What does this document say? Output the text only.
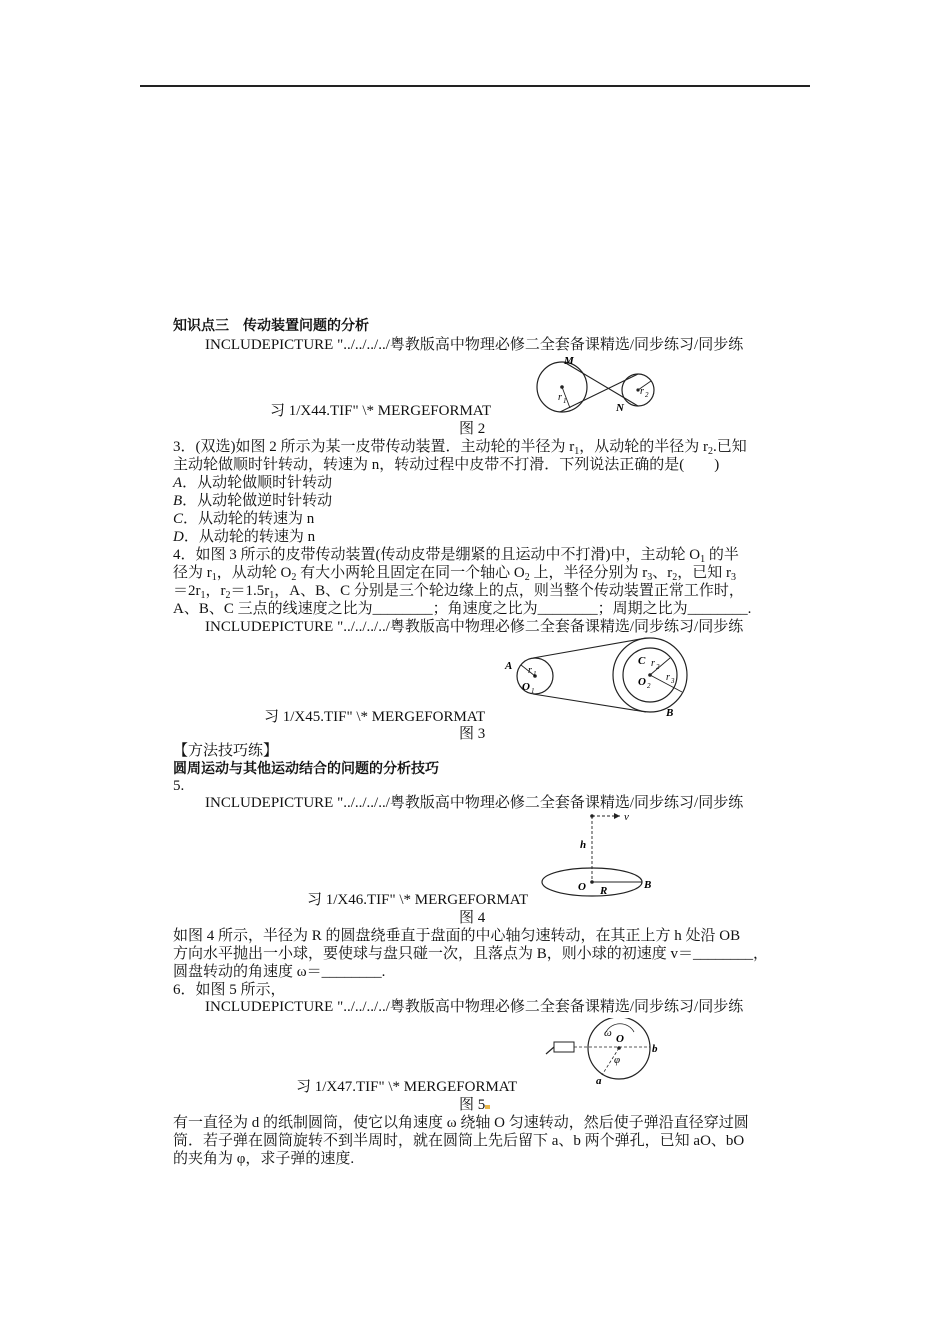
知识点三　传动装置问题的分析
INCLUDEPICTURE "../../../../粤教版高中物理必修二全套备课精选/同步练习/同步练
M
N
r 1
r 2
习 1/X44.TIF" \* MERGEFORMAT
图 2
3．(双选)如图 2 所示为某一皮带传动装置．主动轮的半径为 $r_1$，从动轮的半径为 $r_2$.已知
主动轮做顺时针转动，转速为 n，转动过程中皮带不打滑．下列说法正确的是(　　)
A．从动轮做顺时针转动
B．从动轮做逆时针转动
C．从动轮的转速为 n
D．从动轮的转速为 n
4．如图 3 所示的皮带传动装置(传动皮带是绷紧的且运动中不打滑)中，主动轮 $O_1$ 的半
径为 $r_1$，从动轮 $O_2$ 有大小两轮且固定在同一个轴心 $O_2$ 上，半径分别为 $r_3$、$r_2$，已知 $r_3$
$=2r_1$，$r_2=1.5r_1$，A、B、C 分别是三个轮边缘上的点，则当整个传动装置正常工作时，
A、B、C 三点的线速度之比为________；角速度之比为________；周期之比为________.
INCLUDEPICTURE "../../../../粤教版高中物理必修二全套备课精选/同步练习/同步练
A
B
C
r 1
O 1
r 2
r 3
O 2
习 1/X45.TIF" \* MERGEFORMAT
图 3
【方法技巧练】
圆周运动与其他运动结合的问题的分析技巧
5.
INCLUDEPICTURE "../../../../粤教版高中物理必修二全套备课精选/同步练习/同步练
v
h
O R	B
习 1/X46.TIF" \* MERGEFORMAT
图 4
如图 4 所示，半径为 R 的圆盘绕垂直于盘面的中心轴匀速转动，在其正上方 h 处沿 OB
方向水平抛出一小球，要使球与盘只碰一次，且落点为 B，则小球的初速度 v＝________，
圆盘转动的角速度 ω＝________.
6．如图 5 所示，
INCLUDEPICTURE "../../../../粤教版高中物理必修二全套备课精选/同步练习/同步练
ω O
φ
a
b
习 1/X47.TIF" \* MERGEFORMAT
图 5
有一直径为 d 的纸制圆筒，使它以角速度 ω 绕轴 O 匀速转动，然后使子弹沿直径穿过圆
筒．若子弹在圆筒旋转不到半周时，就在圆筒上先后留下 a、b 两个弹孔，已知 aO、bO
的夹角为 φ，求子弹的速度.
